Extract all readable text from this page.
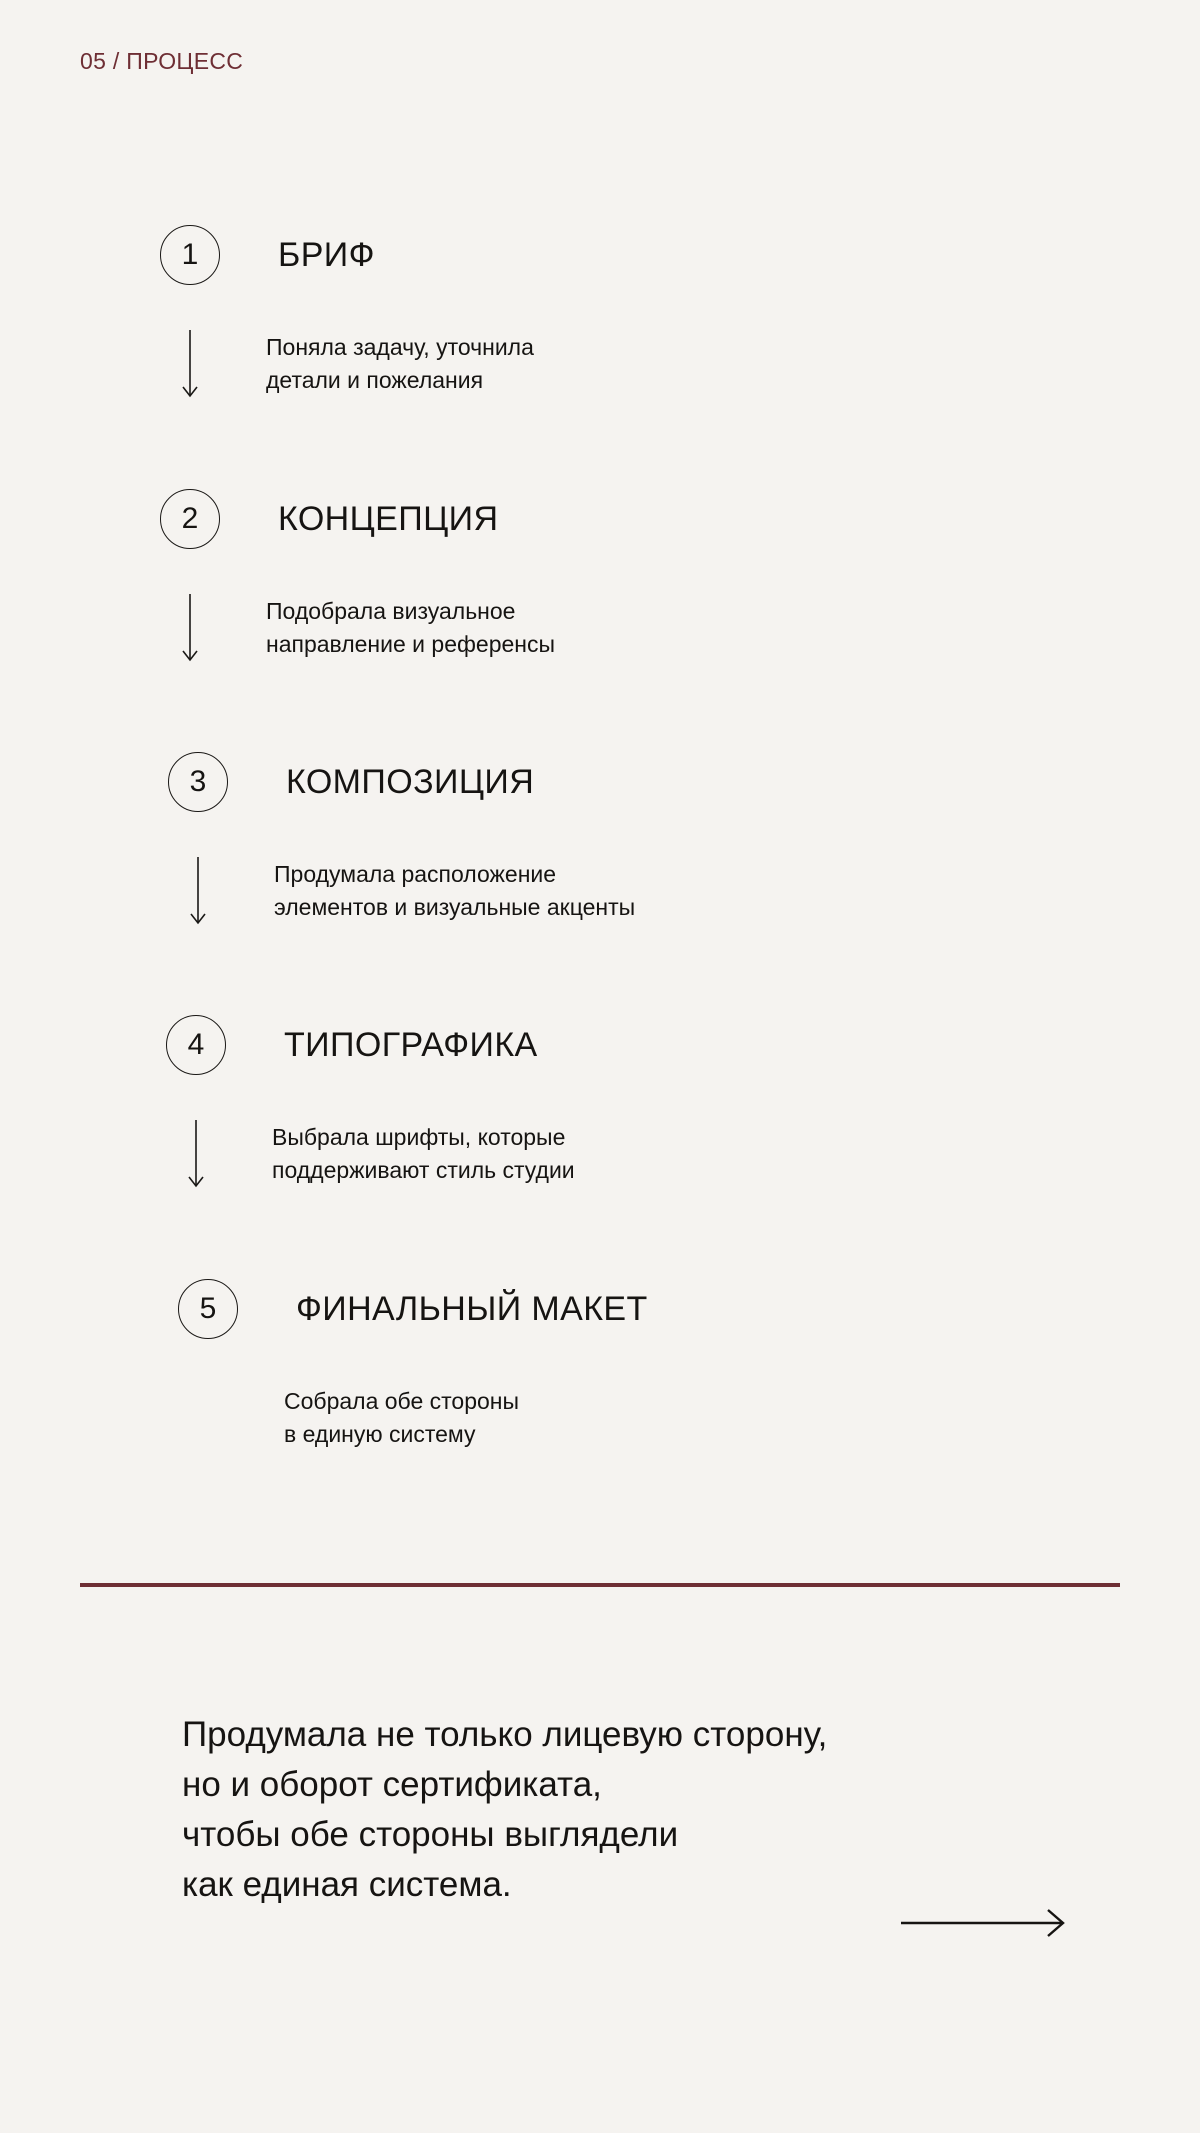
05 / ПРОЦЕСС
1	БРИФ
Поняла задачу, уточнила
детали и пожелания
2	КОНЦЕПЦИЯ
Подобрала визуальное
направление и референсы
3	КОМПОЗИЦИЯ
Продумала расположение
элементов и визуальные акценты
4	ТИПОГРАФИКА
Выбрала шрифты, которые
поддерживают стиль студии
5	ФИНАЛЬНЫЙ МАКЕТ
Собрала обе стороны
в единую систему
Продумала не только лицевую сторону,
но и оборот сертификата,
чтобы обе стороны выглядели
как единая система.
